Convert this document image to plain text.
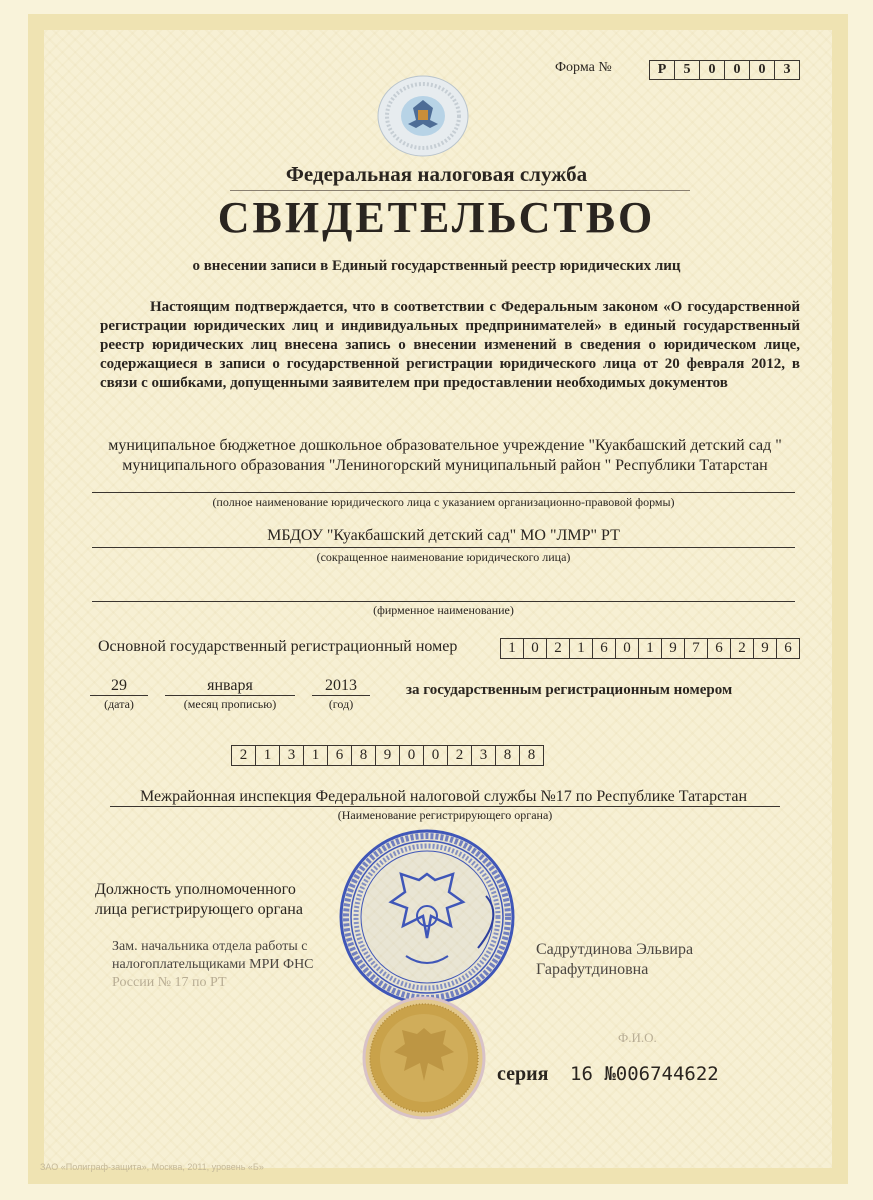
Форма №	Р	5	0	0	0	3
Федеральная налоговая служба
СВИДЕТЕЛЬСТВО
о внесении записи в Единый государственный реестр юридических лиц
Настоящим подтверждается, что в соответствии с Федеральным законом «О государственной регистрации юридических лиц и индивидуальных предпринимателей» в единый государственный реестр юридических лиц внесена запись о внесении изменений в сведения о юридическом лице, содержащиеся в записи о государственной регистрации юридического лица от 20 февраля 2012, в связи с ошибками, допущенными заявителем при предоставлении необходимых документов
муниципальное бюджетное дошкольное образовательное учреждение "Куакбашский детский сад " муниципального образования "Лениногорский муниципальный район " Республики Татарстан
(полное наименование юридического лица с указанием организационно-правовой формы)
МБДОУ "Куакбашский детский сад" МО "ЛМР" РТ
(сокращенное наименование юридического лица)
(фирменное наименование)
Основной государственный регистрационный номер	1	0	2	1	6	0	1	9	7	6	2	9	6
29	января	2013
(дата)	(месяц прописью)	(год)
за государственным регистрационным номером
2	1	3	1	6	8	9	0	0	2	3	8	8
Межрайонная инспекция Федеральной налоговой службы №17 по Республике Татарстан
(Наименование регистрирующего органа)
Должность уполномоченного
лица регистрирующего органа
Зам. начальника отдела работы с
налогоплательщиками МРИ ФНС
России № 17 по РТ
Садрутдинова Эльвира
Гарафутдиновна
Ф.И.О.
серия 16 №006744622
ЗАО «Полиграф-защита», Москва, 2011, уровень «Б»
